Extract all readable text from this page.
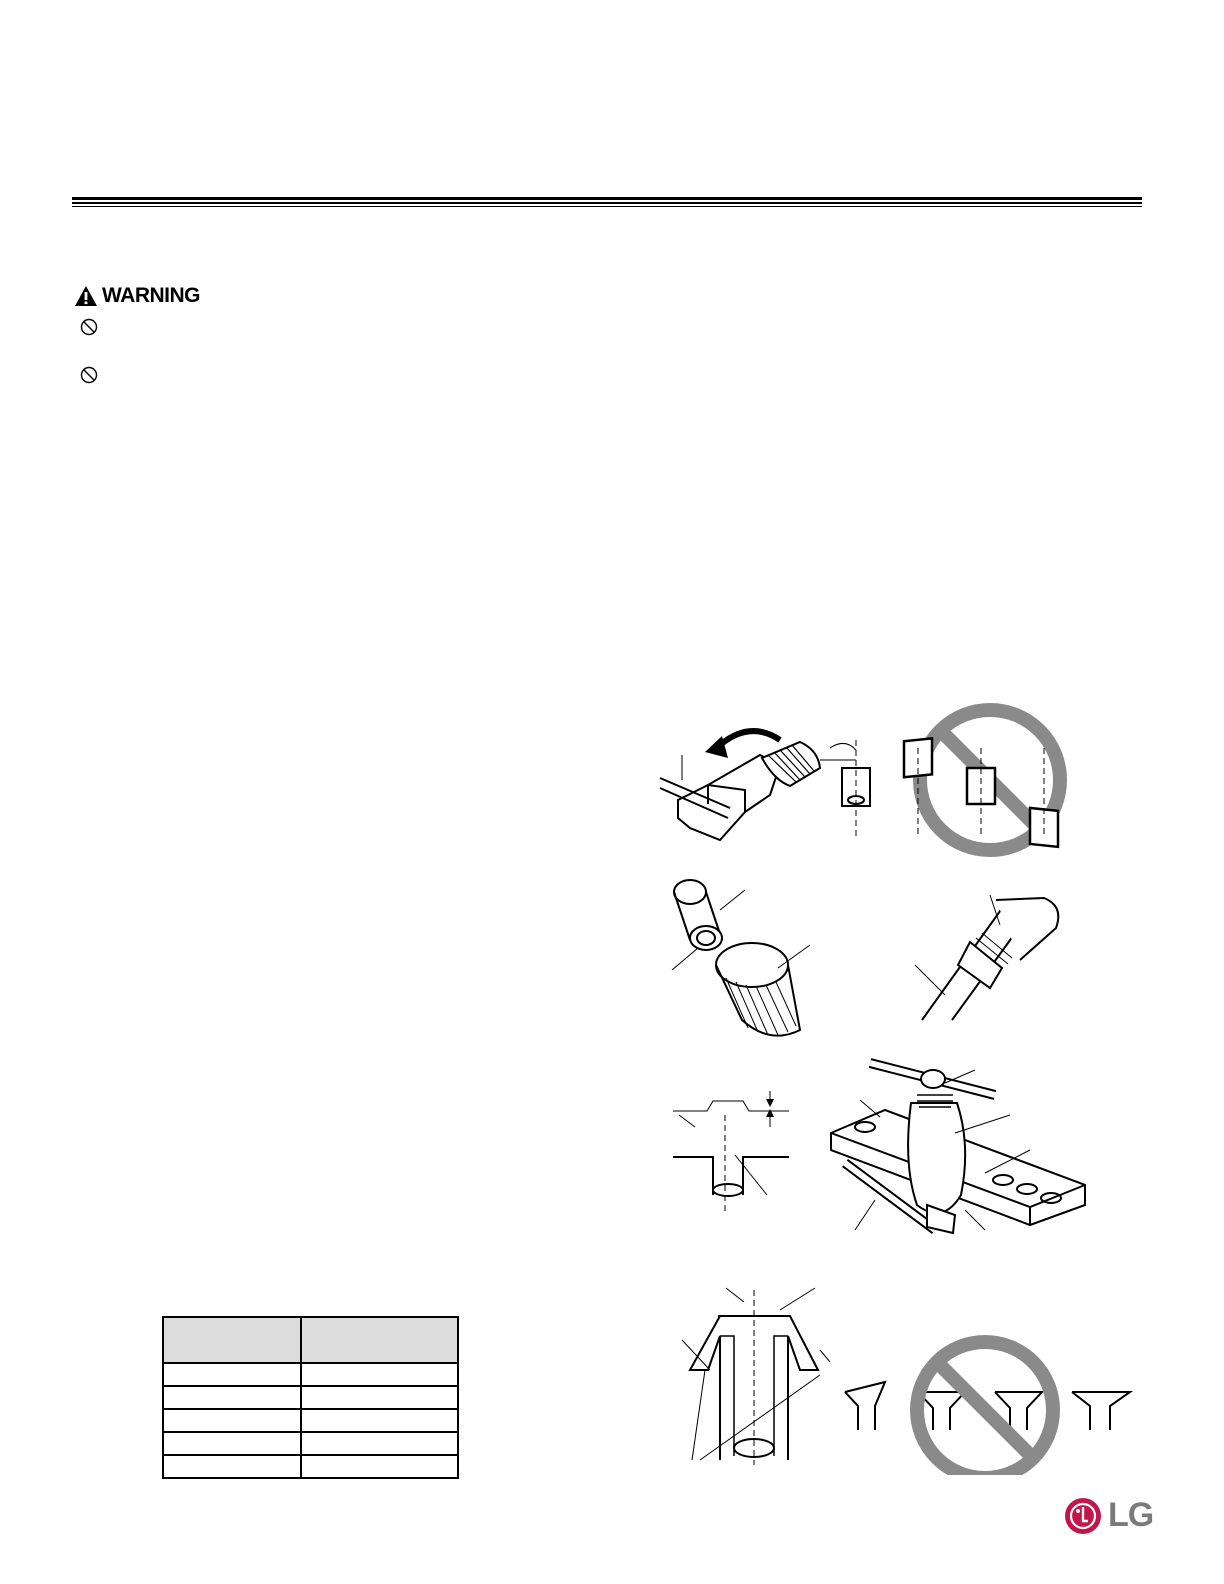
WARNING

LG
